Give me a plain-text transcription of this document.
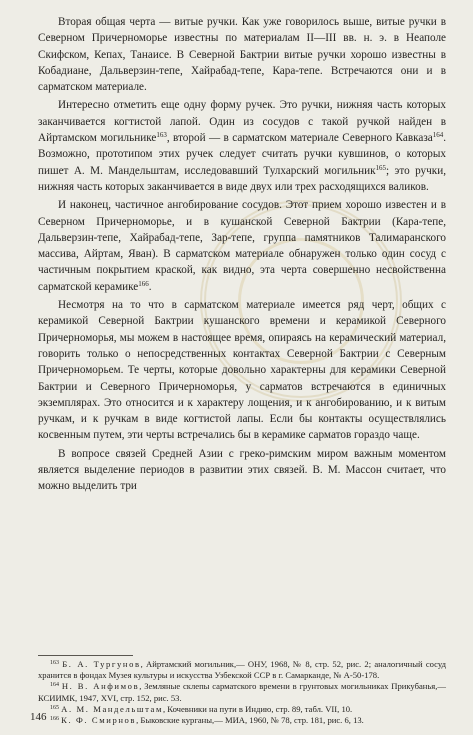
Вторая общая черта — витые ручки. Как уже говорилось выше, витые ручки в Северном Причерноморье известны по материалам II—III вв. н. э. в Неаполе Скифском, Кепах, Танаисе. В Северной Бактрии витые ручки хорошо известны в Кобадиане, Дальверзин-тепе, Хайрабад-тепе, Кара-тепе. Встречаются они и в сарматском материале.

Интересно отметить еще одну форму ручек. Это ручки, нижняя часть которых заканчивается когтистой лапой. Один из сосудов с такой ручкой найден в Айртамском могильнике$^{163}$, второй — в сарматском материале Северного Кавказа$^{164}$. Возможно, прототипом этих ручек следует считать ручки кувшинов, о которых пишет А. М. Мандельштам, исследовавший Тулхарский могильник$^{165}$; это ручки, нижняя часть которых заканчивается в виде двух или трех расходящихся валиков.

И наконец, частичное ангобирование сосудов. Этот прием хорошо известен и в Северном Причерноморье, и в кушанской Северной Бактрии (Кара-тепе, Дальверзин-тепе, Хайрабад-тепе, Зар-тепе, группа памятников Талимаранского массива, Айртам, Яван). В сарматском материале обнаружен только один сосуд с частичным покрытием краской, как видно, эта черта совершенно несвойственна сарматской керамике$^{166}$.

Несмотря на то что в сарматском материале имеется ряд черт, общих с керамикой Северной Бактрии кушанского времени и керамикой Северного Причерноморья, мы можем в настоящее время, опираясь на керамический материал, говорить только о непосредственных контактах Северной Бактрии с Северным Причерноморьем. Те черты, которые довольно характерны для керамики Северной Бактрии и Северного Причерноморья, у сарматов встречаются в единичных экземплярах. Это относится и к характеру лощения, и к ангобированию, и к витым ручкам, и к ручкам в виде когтистой лапы. Если бы контакты осуществлялись косвенным путем, эти черты встречались бы в керамике сарматов гораздо чаще.

В вопросе связей Средней Азии с греко-римским миром важным моментом является выделение периодов в развитии этих связей. В. М. Массон считает, что можно выделить три

$^{163}$ Б. А. Тургунов, Айртамский могильник,— ОНУ, 1968, № 8, стр. 52, рис. 2; аналогичный сосуд хранится в фондах Музея культуры и искусства Узбекской ССР в г. Самарканде, № А-50-178.

$^{164}$ Н. В. Анфимов, Земляные склепы сарматского времени в грунтовых могильниках Прикубанья,— КСИИМК, 1947, XVI, стр. 152, рис. 53.

$^{165}$ А. М. Мандельштам, Кочевники на пути в Индию, стр. 89, табл. VII, 10.

$^{166}$ К. Ф. Смирнов, Быковские курганы,— МИА, 1960, № 78, стр. 181, рис. 6, 13.

146
